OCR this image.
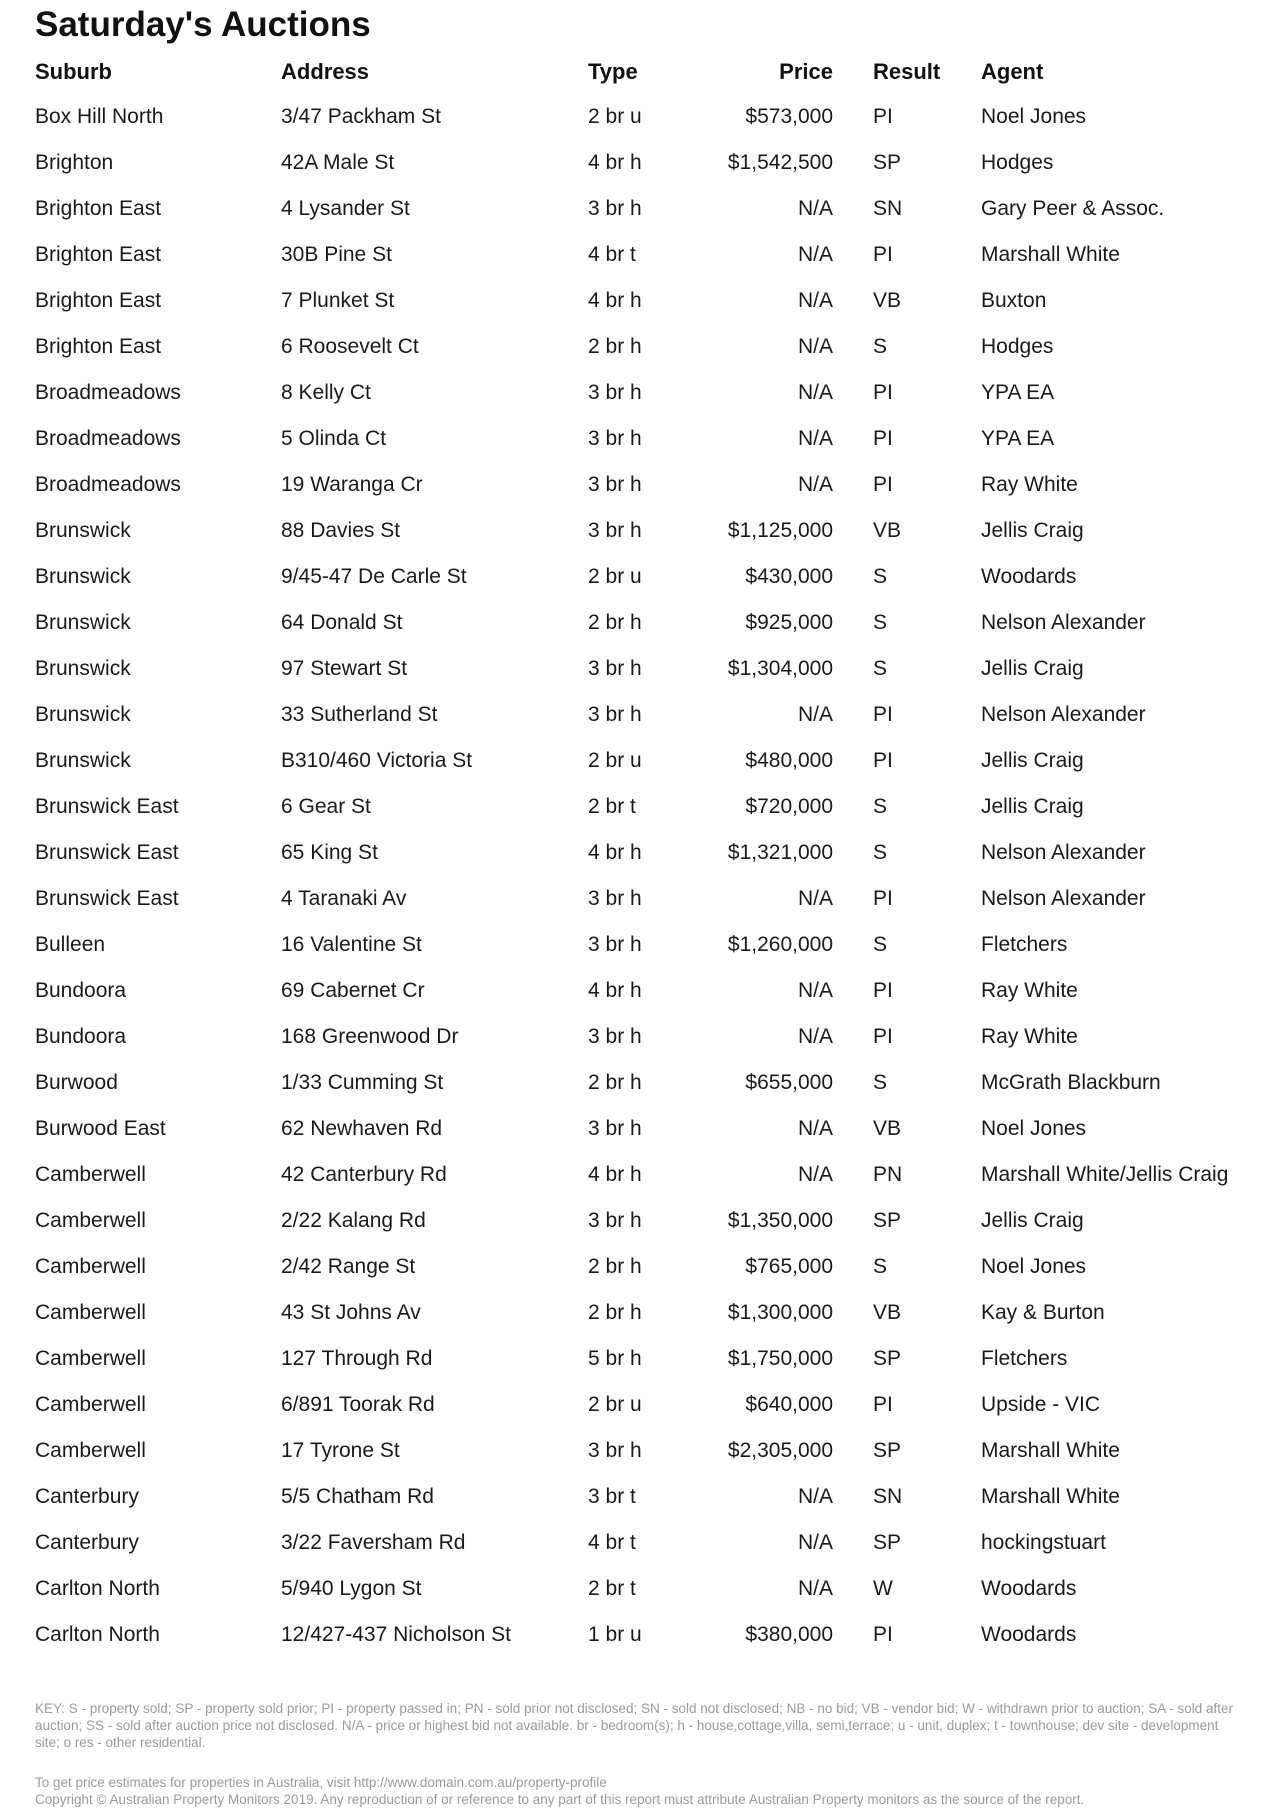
Saturday's Auctions
Suburb	Address	Type	Price		Result	Agent
Box Hill North	3/47 Packham St	2 br u	$573,000		PI	Noel Jones
Brighton	42A Male St	4 br h	$1,542,500		SP	Hodges
Brighton East	4 Lysander St	3 br h	N/A		SN	Gary Peer & Assoc.
Brighton East	30B Pine St	4 br t	N/A		PI	Marshall White
Brighton East	7 Plunket St	4 br h	N/A		VB	Buxton
Brighton East	6 Roosevelt Ct	2 br h	N/A		S	Hodges
Broadmeadows	8 Kelly Ct	3 br h	N/A		PI	YPA EA
Broadmeadows	5 Olinda Ct	3 br h	N/A		PI	YPA EA
Broadmeadows	19 Waranga Cr	3 br h	N/A		PI	Ray White
Brunswick	88 Davies St	3 br h	$1,125,000		VB	Jellis Craig
Brunswick	9/45-47 De Carle St	2 br u	$430,000		S	Woodards
Brunswick	64 Donald St	2 br h	$925,000		S	Nelson Alexander
Brunswick	97 Stewart St	3 br h	$1,304,000		S	Jellis Craig
Brunswick	33 Sutherland St	3 br h	N/A		PI	Nelson Alexander
Brunswick	B310/460 Victoria St	2 br u	$480,000		PI	Jellis Craig
Brunswick East	6 Gear St	2 br t	$720,000		S	Jellis Craig
Brunswick East	65 King St	4 br h	$1,321,000		S	Nelson Alexander
Brunswick East	4 Taranaki Av	3 br h	N/A		PI	Nelson Alexander
Bulleen	16 Valentine St	3 br h	$1,260,000		S	Fletchers
Bundoora	69 Cabernet Cr	4 br h	N/A		PI	Ray White
Bundoora	168 Greenwood Dr	3 br h	N/A		PI	Ray White
Burwood	1/33 Cumming St	2 br h	$655,000		S	McGrath Blackburn
Burwood East	62 Newhaven Rd	3 br h	N/A		VB	Noel Jones
Camberwell	42 Canterbury Rd	4 br h	N/A		PN	Marshall White/Jellis Craig
Camberwell	2/22 Kalang Rd	3 br h	$1,350,000		SP	Jellis Craig
Camberwell	2/42 Range St	2 br h	$765,000		S	Noel Jones
Camberwell	43 St Johns Av	2 br h	$1,300,000		VB	Kay & Burton
Camberwell	127 Through Rd	5 br h	$1,750,000		SP	Fletchers
Camberwell	6/891 Toorak Rd	2 br u	$640,000		PI	Upside - VIC
Camberwell	17 Tyrone St	3 br h	$2,305,000		SP	Marshall White
Canterbury	5/5 Chatham Rd	3 br t	N/A		SN	Marshall White
Canterbury	3/22 Faversham Rd	4 br t	N/A		SP	hockingstuart
Carlton North	5/940 Lygon St	2 br t	N/A		W	Woodards
Carlton North	12/427-437 Nicholson St	1 br u	$380,000		PI	Woodards

KEY: S - property sold; SP - property sold prior; PI - property passed in; PN - sold prior not disclosed; SN - sold not disclosed; NB - no bid; VB - vendor bid; W - withdrawn prior to auction; SA - sold after auction; SS - sold after auction price not disclosed. N/A - price or highest bid not available. br - bedroom(s); h - house,cottage,villa, semi,terrace; u - unit, duplex; t - townhouse; dev site - development site; o res - other residential.

To get price estimates for properties in Australia, visit http://www.domain.com.au/property-profile

Copyright © Australian Property Monitors 2019. Any reproduction of or reference to any part of this report must attribute Australian Property monitors as the source of the report.
